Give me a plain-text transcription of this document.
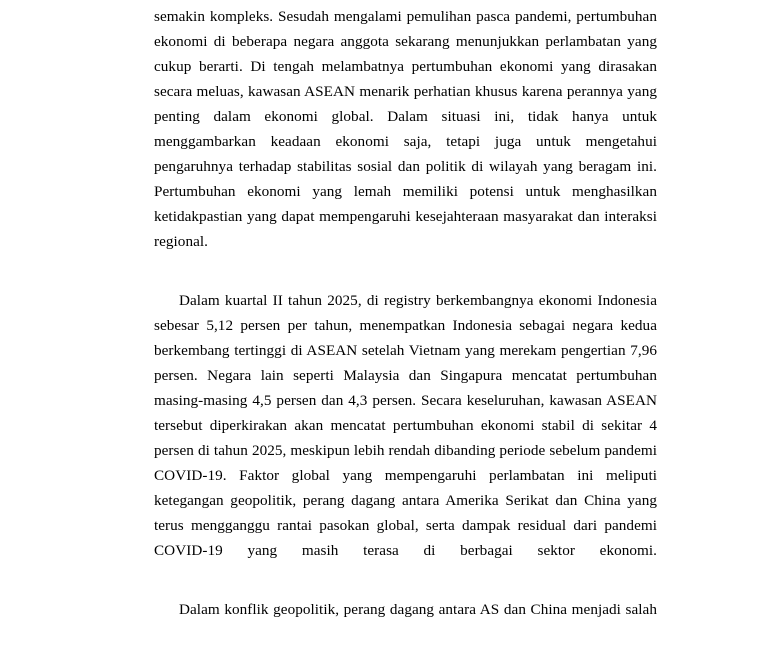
semakin kompleks. Sesudah mengalami pemulihan pasca pandemi, pertumbuhan ekonomi di beberapa negara anggota sekarang menunjukkan perlambatan yang cukup berarti. Di tengah melambatnya pertumbuhan ekonomi yang dirasakan secara meluas, kawasan ASEAN menarik perhatian khusus karena perannya yang penting dalam ekonomi global. Dalam situasi ini, tidak hanya untuk menggambarkan keadaan ekonomi saja, tetapi juga untuk mengetahui pengaruhnya terhadap stabilitas sosial dan politik di wilayah yang beragam ini. Pertumbuhan ekonomi yang lemah memiliki potensi untuk menghasilkan ketidakpastian yang dapat mempengaruhi kesejahteraan masyarakat dan interaksi regional.

Dalam kuartal II tahun 2025, di registry berkembangnya ekonomi Indonesia sebesar 5,12 persen per tahun, menempatkan Indonesia sebagai negara kedua berkembang tertinggi di ASEAN setelah Vietnam yang merekam pengertian 7,96 persen. Negara lain seperti Malaysia dan Singapura mencatat pertumbuhan masing-masing 4,5 persen dan 4,3 persen. Secara keseluruhan, kawasan ASEAN tersebut diperkirakan akan mencatat pertumbuhan ekonomi stabil di sekitar 4 persen di tahun 2025, meskipun lebih rendah dibanding periode sebelum pandemi COVID-19. Faktor global yang mempengaruhi perlambatan ini meliputi ketegangan geopolitik, perang dagang antara Amerika Serikat dan China yang terus mengganggu rantai pasokan global, serta dampak residual dari pandemi COVID-19 yang masih terasa di berbagai sektor ekonomi.

Dalam konflik geopolitik, perang dagang antara AS dan China menjadi salah
